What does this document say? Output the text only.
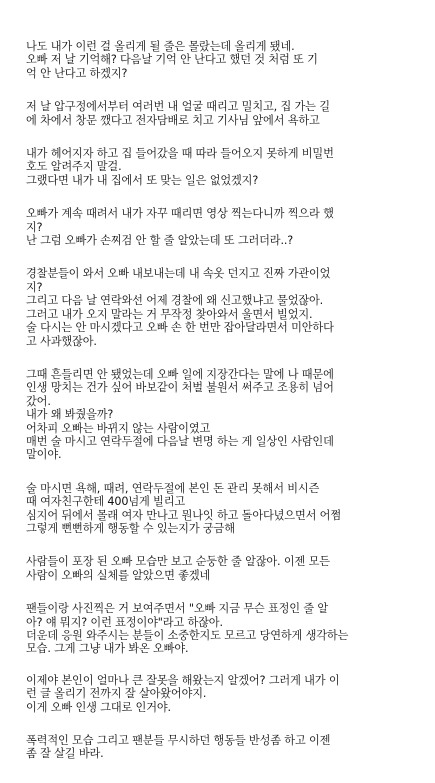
나도 내가 이런 걸 올리게 될 줄은 몰랐는데 올리게 됐네.
오빠 저 날 기억해? 다음날 기억 안 난다고 했던 것 처럼 또 기
억 안 난다고 하겠지?

저 날 압구정에서부터 여러번 내 얼굴 때리고 밀치고, 집 가는 길
에 차에서 창문 깼다고 전자담배로 치고 기사님 앞에서 욕하고

내가 헤어지자 하고 집 들어갔을 때 따라 들어오지 못하게 비밀번
호도 알려주지 말걸.
그랬다면 내가 내 집에서 또 맞는 일은 없었겠지?

오빠가 계속 때려서 내가 자꾸 때리면 영상 찍는다니까 찍으라 했
지?
난 그럼 오빠가 손찌검 안 할 줄 알았는데 또 그러더라..?

경찰분들이 와서 오빠 내보내는데 내 속옷 던지고 진짜 가관이었
지?
그리고 다음 날 연락와선 어제 경찰에 왜 신고했냐고 물었잖아.
그러고 내가 오지 말라는 거 무작정 찾아와서 울면서 빌었지.
술 다시는 안 마시겠다고 오빠 손 한 번만 잡아달라면서 미안하다
고 사과했잖아.

그때 흔들리면 안 됐었는데 오빠 일에 지장간다는 말에 나 때문에
인생 망치는 건가 싶어 바보같이 처벌 불원서 써주고 조용히 넘어
갔어.
내가 왜 봐줬을까?
어차피 오빠는 바뀌지 않는 사람이였고
매번 술 마시고 연락두절에 다음날 변명 하는 게 일상인 사람인데
말이야.

술 마시면 욕해, 때려, 연락두절에 본인 돈 관리 못해서 비시즌
때 여자친구한테 400넘게 빌리고
심지어 뒤에서 몰래 여자 만나고 뭔나잇 하고 돌아다녔으면서 어쩜
그렇게 뻔뻔하게 행동할 수 있는지가 궁금해

사람들이 포장 된 오빠 모습만 보고 순둥한 줄 알잖아. 이젠 모든
사람이 오빠의 실체를 알았으면 좋겠네

팬들이랑 사진찍은 거 보여주면서 "오빠 지금 무슨 표정인 줄 알
아? 얘 뭐지? 이런 표정이야"라고 하잖아.
더운데 응원 와주시는 분들이 소중한지도 모르고 당연하게 생각하는
모습. 그게 그냥 내가 봐온 오빠야.

이제야 본인이 얼마나 큰 잘못을 해왔는지 알겠어? 그러게 내가 이
런 글 올리기 전까지 잘 살아왔어야지.
이게 오빠 인생 그대로 인거야.

폭력적인 모습 그리고 팬분들 무시하던 행동들 반성좀 하고 이젠
좀 잘 살길 바라.
